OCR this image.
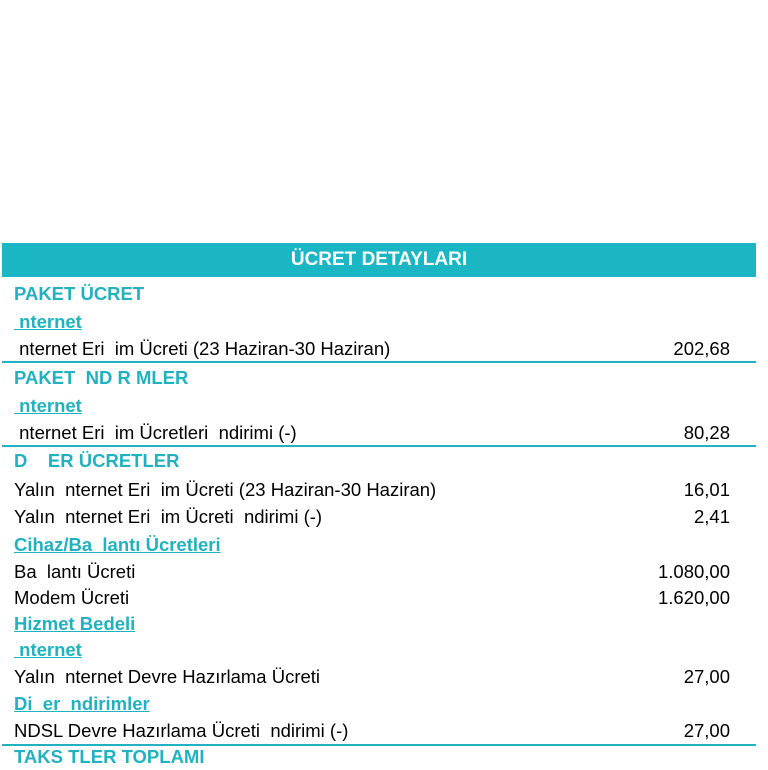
ÜCRET DETAYLARI
PAKET ÜCRET
nternet
nternet Eri  im Ücreti (23 Haziran-30 Haziran)	202,68
PAKET  ND R MLER
nternet
nternet Eri  im Ücretleri  ndirimi (-)	80,28
D    ER ÜCRETLER
Yalın  nternet Eri  im Ücreti (23 Haziran-30 Haziran)	16,01
Yalın  nternet Eri  im Ücreti  ndirimi (-)	2,41
Cihaz/Ba  lantı Ücretleri
Ba  lantı Ücreti	1.080,00
Modem Ücreti	1.620,00
Hizmet Bedeli
nternet
Yalın  nternet Devre Hazırlama Ücreti	27,00
Di  er  ndirimler
NDSL Devre Hazırlama Ücreti  ndirimi (-)	27,00
TAKS TLER TOPLAMI
